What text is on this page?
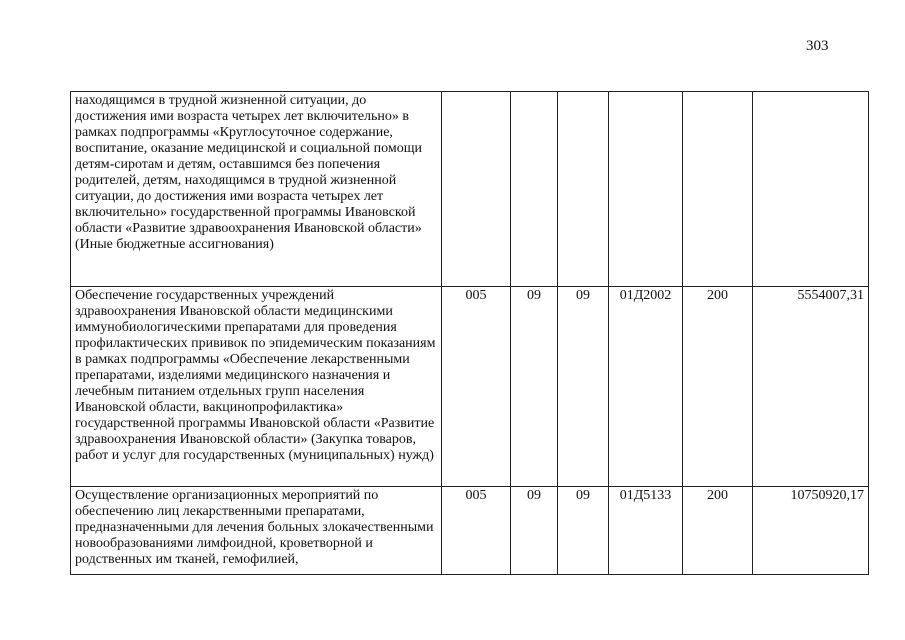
303
находящимся в трудной жизненной ситуации, до достижения ими возраста четырех лет включительно» в рамках подпрограммы «Круглосуточное содержание, воспитание, оказание медицинской и социальной помощи детям-сиротам и детям, оставшимся без попечения родителей, детям, находящимся в трудной жизненной ситуации, до достижения ими возраста четырех лет включительно» государственной программы Ивановской области «Развитие здравоохранения Ивановской области» (Иные бюджетные ассигнования)						
Обеспечение государственных учреждений здравоохранения Ивановской области медицинскими иммунобиологическими препаратами для проведения профилактических прививок по эпидемическим показаниям в рамках подпрограммы «Обеспечение лекарственными препаратами, изделиями медицинского назначения и лечебным питанием отдельных групп населения Ивановской области, вакцинопрофилактика» государственной программы Ивановской области «Развитие здравоохранения Ивановской области» (Закупка товаров, работ и услуг для государственных (муниципальных) нужд)	005	09	09	01Д2002	200	5554007,31
Осуществление организационных мероприятий по обеспечению лиц лекарственными препаратами, предназначенными для лечения больных злокачественными новообразованиями лимфоидной, кроветворной и родственных им тканей, гемофилией,	005	09	09	01Д5133	200	10750920,17
